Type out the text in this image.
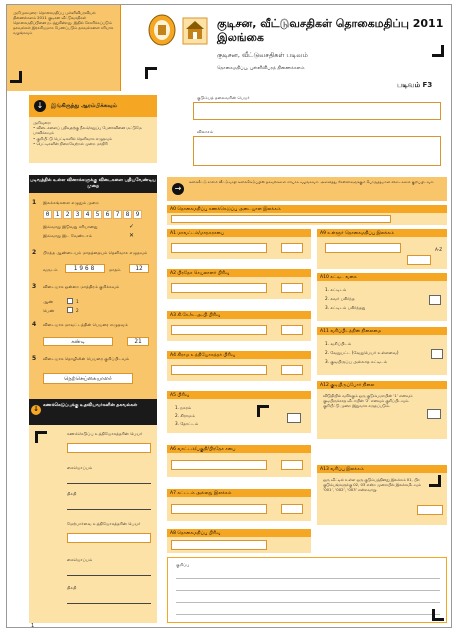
அறிமுகவுரை: தொகைமதிப்பு புள்ளிவிபரவியல் திணைக்களம் 2011 குடிசன வீட்டுவசதிகள் தொகைமதிப்பினை நடத்துகின்றது. இதில் சேகரிக்கப்படும் தகவல்கள் இரகசியமாக பேணப்படும் தகவல்களை சரியாக வழங்கவும்

குடிசன, வீட்டுவசதிகள் தொகைமதிப்பு 2011
இலங்கை
குடிசன, வீட்டுவசதிகள் படிவம்
தொகைமதிப்பு, புள்ளிவிபரத் திணைக்களம்
படிவம் F3
↓	இங்கிருந்து ஆரம்பிக்கவும்
அறிவுரை:
• விடைகளைப் பதிவதற்கு நீலம்/கறுப்பு பேனாவினை மட்டுமே பாவிக்கவும்
• குறியீட்டு பெட்டிகளில் தெளிவாக எழுதவும்
• பெட்டிகளின் நிறைவேற்றல் முறை மாதிரி
குடும்பத் தலைவரின் பெயர்
விலாசம்
படிவத்தில் உள்ள வினாக்களுக்கு விடைகளை பதியவேண்டிய முறை
1 இலக்கங்களை எழுதும் முறை
0 1 2 3 4 5 6 7 8 9
இவ்வாறு இடுவது சரியானது	✓
இவ்வாறு இட வேண்டாம்	✕
2 பிறந்த ஆண்டையும் மாதத்தையும் தெளிவாக எழுதவும்
வருடம்	1968	மாதம்	12
3 விடையாக ஒன்றை மாத்திரம் குறிக்கவும்
ஆண்	1
பெண்	2
4 விடையாக மாவட்டத்தின் பெயரை எழுதவும்
கண்டி	21
5 விடையாக தொழிலின் பெயரை குறிப்பிடவும்
நெற்செய்கையாளர்
↓ கணக்கெடுப்புக்கு உதவியவர்களின் தகவல்கள்
கணக்கெடுப்பு உத்தியோகத்தரின் பெயர்
கையொப்பம்
திகதி
மேற்பார்வை உத்தியோகத்தரின் பெயர்
கையொப்பம்
திகதி
1
→
கணக்கீட்டு காலம் வீட்டுவசதி கணக்கெடுப்பின் தகவல்களை சரியாக வழங்கவும். அனைத்து கேள்விகளுக்கும் பொருத்தமான விடைகளை குறிப்பிடவும்.
A0 தொகைமதிப்பு கணக்கெடுப்பு அடையாள இலக்கம்
A1 மாவட்டம்/மாநகரசபை
A2 பிரதேச செயலாளர் பிரிவு
A3 கி.சே./உ.அ.பி.பிரிவு
A4 கிராம உத்தியோகத்தர் பிரிவு
A5 பிரிவு
1. நகரம்
2. கிராமம்
3. தோட்டம்
A6 வாட்டம்/பகுதி/பிரதேச சபை
A7 கட்டடம் அல்லது இலக்கம்
A8 தொகைமதிப்பு பிரிவு
A9 உள்ளூர் தொகைமதிப்பு இலக்கம்
A-Z
A10 கட்டிட வகை
1. கட்டிடம்
2. சுவர் பகிர்ந்த
3. கட்டிடம் பகிர்ந்தது
A11 வசிப்பிடத்தின் நிலைமை
1. வசிப்பிடம்
2. வேறுபட்ட (வேறுபெயர் உள்ளவை)
3. குடியிருப்பு அல்லாத கட்டிடம்
A12 குடியிருப்போர் நிலை
விடுதியில் வசிக்கும் ஒரு குடும்பமாயின் ‘1’ எனவும் குடியிருக்காத வீடாயின் ‘2’ எனவும் குறிப்பிடவும். குறியீட்டு முறை இதுவாக கருதப்படும்.
A13 வசிப்பு இலக்கம்
ஒரு வீட்டில் உள்ள ஒரு குடும்பத்தினது இலக்கம் 01, பிற குடும்பங்களுக்கு 02, 03 என்ற முறையில் இலக்கமிடவும் ‘001’, ‘002’, ‘003’ என்றவாறு.
குறிப்பு
